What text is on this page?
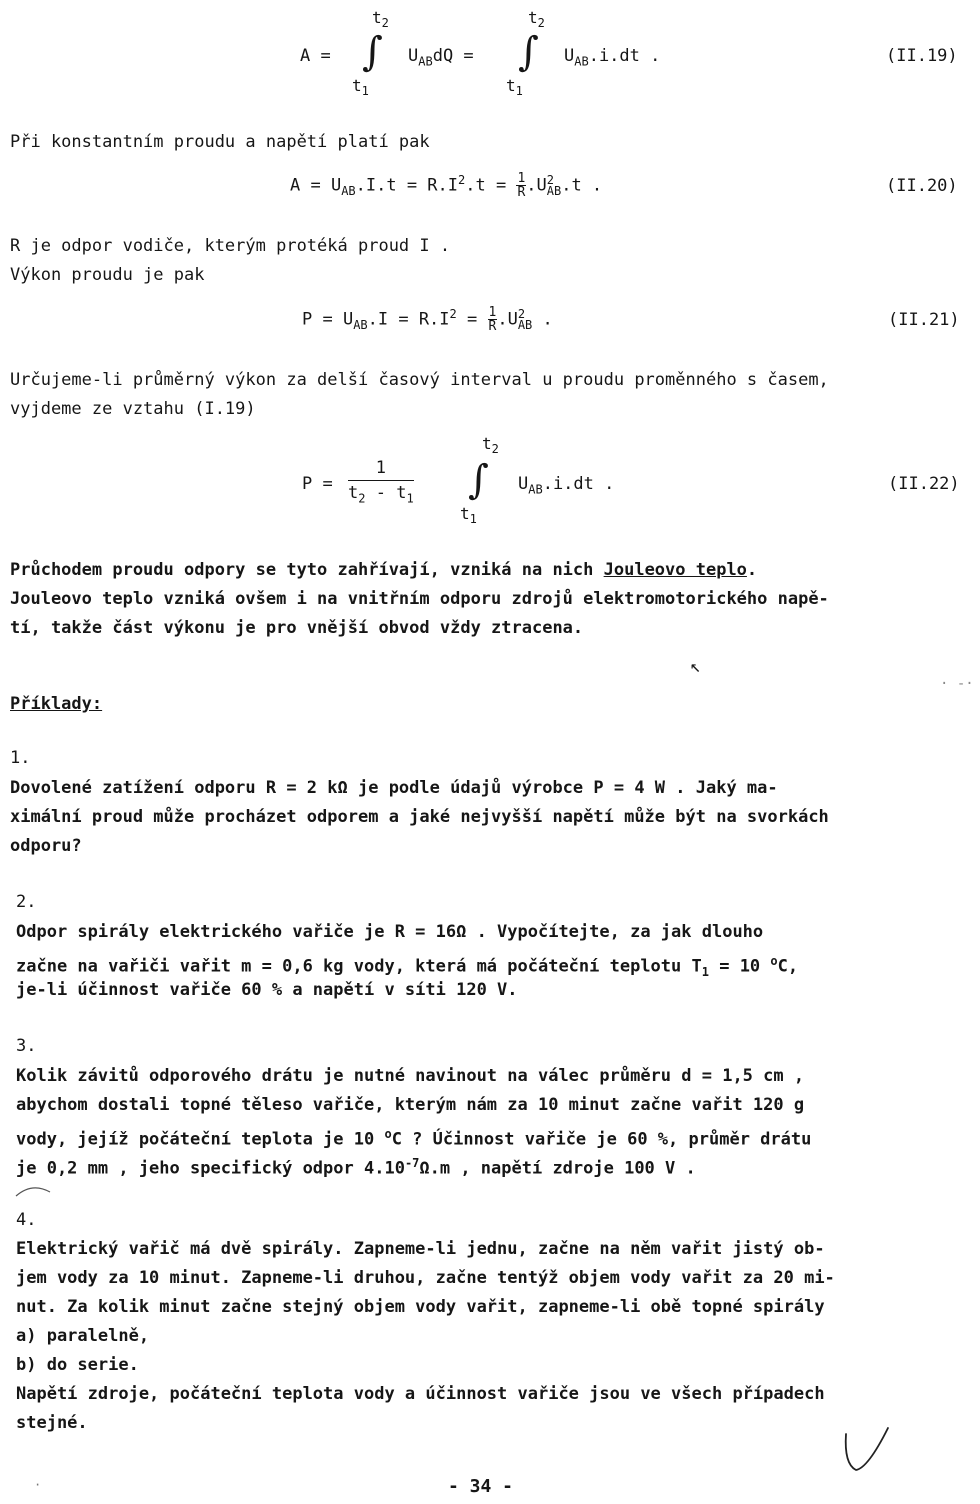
A = ∫
$t_2$
$t_1$
$U_{AB}dQ$ = ∫
$t_2$
$t_1$
$U_{AB}.i.dt$ .	(II.19)
Při konstantním proudu a napětí platí pak
$A = U_{AB}.I.t = R.I^2.t = \frac{1}{R} .U$ 2
AB .t .	(II.20)
R je odpor vodiče, kterým protéká proud I .
Výkon proudu je pak
$P = U_{AB}.I = R.I^2 = \frac{1}{R} .U$ 2
AB .	(II.21)
Určujeme-li průměrný výkon za delší časový interval u proudu proměnného s časem,
vyjdeme ze vztahu (I.19)
P =
1
$t_2 - t_1$ ∫
$t_2$
$t_1$
$U_{AB}.i.dt$ .	(II.22)
Průchodem proudu odpory se tyto zahřívají, vzniká na nich Jouleovo teplo.
Jouleovo teplo vzniká ovšem i na vnitřním odporu zdrojů elektromotorického napě-
tí, takže část výkonu je pro vnější obvod vždy ztracena.
↖
· -·
Příklady:
1.
Dovolené zatížení odporu R = 2 kΩ je podle údajů výrobce P = 4 W . Jaký ma-
ximální proud může procházet odporem a jaké nejvyšší napětí může být na svorkách
odporu?
2.
Odpor spirály elektrického vařiče je R = 16Ω . Vypočítejte, za jak dlouho
začne na vařiči vařit m = 0,6 kg vody, která má počáteční teplotu $T_1 = 10$ $^o$C,
je-li účinnost vařiče 60 % a napětí v síti 120 V.
3.
Kolik závitů odporového drátu je nutné navinout na válec průměru d = 1,5 cm ,
abychom dostali topné těleso vařiče, kterým nám za 10 minut začne vařit 120 g
vody, jejíž počáteční teplota je 10 $^o$C ? Účinnost vařiče je 60 %, průměr drátu
je 0,2 mm , jeho specifický odpor $4.10^{-7}\Omega.m$ , napětí zdroje 100 V .
4.
Elektrický vařič má dvě spirály. Zapneme-li jednu, začne na něm vařit jistý ob-
jem vody za 10 minut. Zapneme-li druhou, začne tentýž objem vody vařit za 20 mi-
nut. Za kolik minut začne stejný objem vody vařit, zapneme-li obě topné spirály
a) paralelně,
b) do serie.
Napětí zdroje, počáteční teplota vody a účinnost vařiče jsou ve všech případech
stejné.
·	- 34 -
